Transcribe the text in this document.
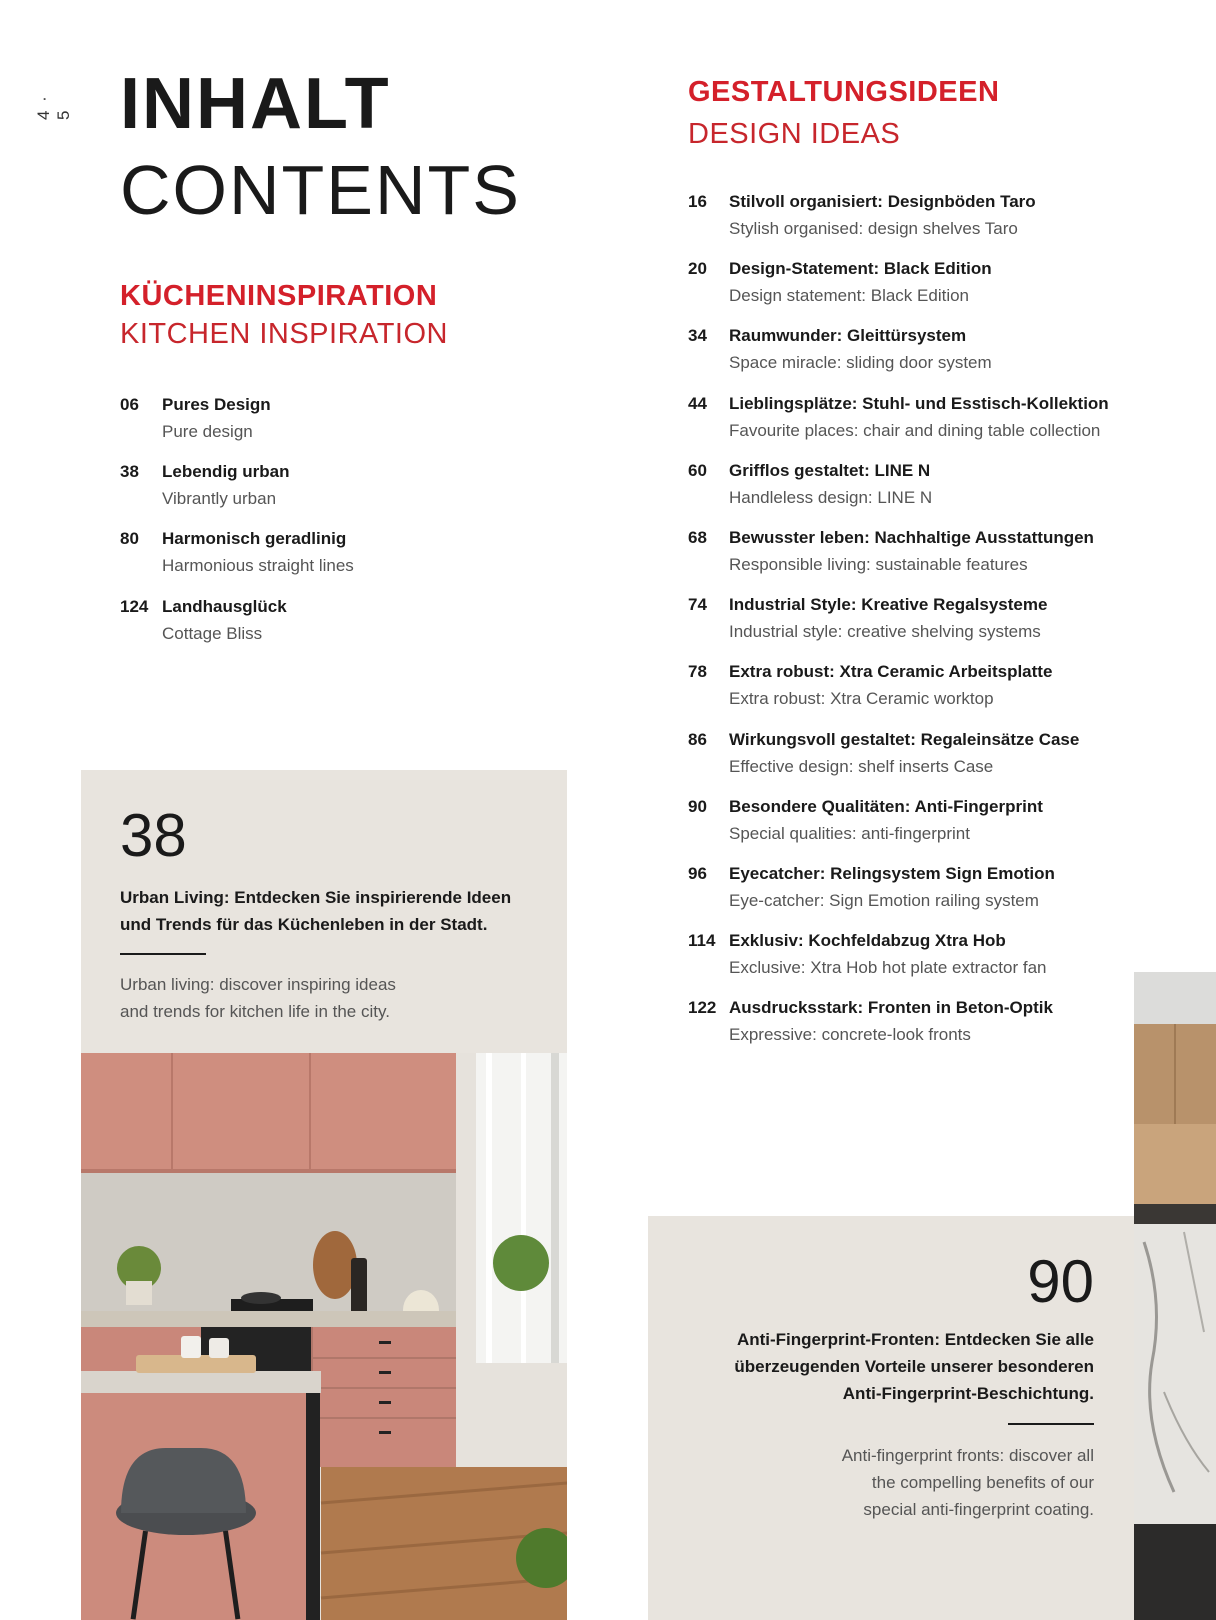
4 · 5 INHALT
CONTENTS
KÜCHENINSPIRATION
KITCHEN INSPIRATION
06 Pures Design
Pure design
38 Lebendig urban
Vibrantly urban
80 Harmonisch geradlinig
Harmonious straight lines
124 Landhausglück
Cottage Bliss
GESTALTUNGSIDEEN
DESIGN IDEAS
16 Stilvoll organisiert: Designböden Taro
Stylish organised: design shelves Taro
20 Design-Statement: Black Edition
Design statement: Black Edition
34 Raumwunder: Gleittürsystem
Space miracle: sliding door system
44 Lieblingsplätze: Stuhl- und Esstisch-Kollektion
Favourite places: chair and dining table collection
60 Grifflos gestaltet: LINE N
Handleless design: LINE N
68 Bewusster leben: Nachhaltige Ausstattungen
Responsible living: sustainable features
74 Industrial Style: Kreative Regalsysteme
Industrial style: creative shelving systems
78 Extra robust: Xtra Ceramic Arbeitsplatte
Extra robust: Xtra Ceramic worktop
86 Wirkungsvoll gestaltet: Regaleinsätze Case
Effective design: shelf inserts Case
90 Besondere Qualitäten: Anti-Fingerprint
Special qualities: anti-fingerprint
96 Eyecatcher: Relingsystem Sign Emotion
Eye-catcher: Sign Emotion railing system
114 Exklusiv: Kochfeldabzug Xtra Hob
Exclusive: Xtra Hob hot plate extractor fan
122 Ausdrucksstark: Fronten in Beton-Optik
Expressive: concrete-look fronts
38
Urban Living: Entdecken Sie inspirierende Ideen
und Trends für das Küchenleben in der Stadt.
Urban living: discover inspiring ideas
and trends for kitchen life in the city.
90
Anti-Fingerprint-Fronten: Entdecken Sie alle
überzeugenden Vorteile unserer besonderen
Anti-Fingerprint-Beschichtung.
Anti-fingerprint fronts: discover all
the compelling benefits of our
special anti-fingerprint coating.
